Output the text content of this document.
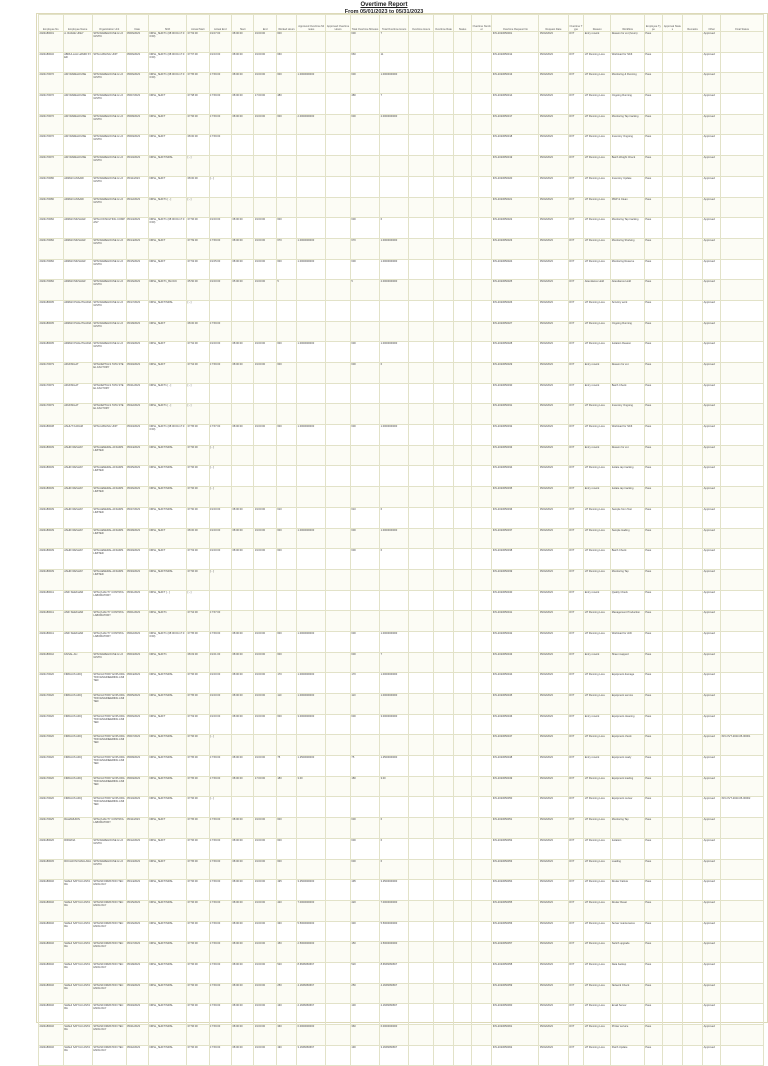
Overtime Report
From 05/01/2023 to 05/31/2023
Employee No	Employee Name	Organization Unit	Date	Shift	Actual Start	Actual End	Start	End	Worked Hours	Approved Overtime Minutes	Approved Overtime Hours	Total Overtime Minutes	Total Overtime Hours	Overtime Hours	Overtime Rate	Status	Overtime Number	Overtime Request No	Request Date	Overtime Type	Reason	Workflow	Employee Type	Approval Status	Remarks	Other	Final Status
2024180001	A. RAFAE UKEY	SPN-WAREHOUSE & LOGISTIC	05/06/2023	NRSL_SHIFT1 (08:00:00-17:00:00)	07:53:00	19:07:00	08:00:00	19:00:00	600			600	7					INV-2023050001	05/22/2023	OVT	Entry rework	Reason for ext (hours)	Pass			Approved	
2024180032	ABDULLAH HAMID SYED	SPN-CABLING UNIT	05/06/2023	NRSL_SHIFT1 (08:00:00-17:00:00)	07:57:00	19:03:00	08:00:00	19:00:00	660			660	11					INV-2023050012	05/22/2023	OVT	HT Running Loss	Workload for Shift	Pass			Approved	
2024170076	AIR WAREHOUSE	SPN-WAREHOUSE & LOGISTIC	05/06/2023	NRSL_SHIFT1 (08:00:00-17:00:00)	07:55:00	17:59:00	08:00:00	19:00:00	600	1.0000000000		600	1.0000000000					INV-2023050013	05/22/2023	OVT	HT Running Loss	Monitoring & Running	Pass			Approved	
2024170076	AIR WAREHOUSE	SPN-WAREHOUSE & LOGISTIC	05/07/2023	NRSL_SHIFT	07:58:00	17:59:00	08:00:00	17:00:00	480			480	7					INV-2023050014	05/22/2023	OVT	HT Running Loss	Ongoing Running	Pass			Approved	
2024170076	AIR WAREHOUSE	SPN-WAREHOUSE & LOGISTIC	05/08/2023	NRSL_SHIFT	07:56:00	17:59:00	08:00:00	19:00:00	600	2.0000000000		600	2.0000000000					INV-2023050017	05/22/2023	OVT	HT Running Loss	Monitoring Tap tracking	Pass			Approved	
2024170076	AIR WAREHOUSE	SPN-WAREHOUSE & LOGISTIC	05/09/2023	NRSL_SHIFT	08:00:00	17:59:00												INV-2023050018	05/22/2023	OVT	HT Running Loss	Inventory Ongoing	Pass			Approved	
2024170076	AIR WAREHOUSE	SPN-WAREHOUSE & LOGISTIC	05/10/2023	NRSL_SHIFT/NRSL	[ - ]													INV-2023050019	05/22/2023	OVT	HT Running Loss	Batch Weight Check	Pass			Approved	
2024170080	ARMAN ANSARI	SPN-WAREHOUSE & LOGISTIC	05/11/2023	NRSL_SHIFT	08:00:00	[ - ]												INV-2023050020	05/22/2023	OVT	HT Running Loss	Inventory Update	Pass			Approved	
2024170080	ARMAN ANSARI	SPN-WAREHOUSE & LOGISTIC	05/12/2023	NRSL_SHIFT1 [ - ]	[ - ]													INV-2023050021	05/22/2023	OVT	HT Running Loss	DWP & Clean	Pass			Approved	
2024170082	ARMAN MUSHAR	SPN-CONSULTING COMPANY	05/13/2023	NRSL_SHIFT1 (08:00:00-17:00:00)	07:56:00	19:00:00	08:00:00	19:00:00	600			600	6					INV-2023050022	05/22/2023	OVT	HT Running Loss	Monitoring Tap tracking	Pass			Approved	
2024170082	ARMAN MUSHAR	SPN-WAREHOUSE & LOGISTIC	05/14/2023	NRSL_SHIFT	07:59:00	17:59:00	08:00:00	19:00:00	670	1.0000000000		670	1.0000000000					INV-2023050023	05/22/2023	OVT	HT Running Loss	Monitoring Shelving	Pass			Approved	
2024170082	ARMAN MUSHAR	SPN-WAREHOUSE & LOGISTIC	05/15/2023	NRSL_SHIFT	07:53:00	19:05:00	08:00:00	19:00:00	600	1.0000000000		600	1.0000000000					INV-2023050024	05/22/2023	OVT	HT Running Loss	Monitoring Reserve	Pass			Approved	
2024170082	ARMAN MUSHAR	SPN-WAREHOUSE & LOGISTIC	05/16/2023	NRSL_SHIFT1_BLOCK	05:50:00	19:00:00	05:00:00	19:00:00	5			5	2.0000000000					INV-2023050025	05/22/2023	OVT	Attendance Hold	Attendance Hold	Pass			Approved	
2024180005	ARMAN PHALITHADIA	SPN-WAREHOUSE & LOGISTIC	05/17/2023	NRSL_SHIFT/NRSL	[ - ]													INV-2023050026	05/22/2023	OVT	HT Running Loss	Scrutiny work	Pass			Approved	
2024180005	ARMAN PHALITHADIA	SPN-WAREHOUSE & LOGISTIC	05/18/2023	NRSL_SHIFT	08:00:00	17:59:00												INV-2023050027	05/22/2023	OVT	HT Running Loss	Ongoing Running	Pass			Approved	
2024180005	ARMAN PHALITHADIA	SPN-WAREHOUSE & LOGISTIC	05/19/2023	NRSL_SHIFT	07:52:00	19:00:00	08:00:00	19:00:00	600	1.0000000000		600	1.0000000000					INV-2023050028	05/22/2023	OVT	HT Running Loss	Isolation Reason	Pass			Approved	
2024170079	ARUNSILAT	SPN-DEPTALS TATA STEEL FACTORY	05/20/2023	NRSL_SHIFT	07:54:00	17:59:00	08:00:00	19:00:00	600			600	6					INV-2023050029	05/22/2023	OVT	Entry rework	Reason for ext	Pass			Approved	
2024170079	ARUNSILAT	SPN-DEPTALS TATA STEEL FACTORY	05/21/2023	NRSL_SHIFT1 [ - ]	[ - ]													INV-2023050030	05/22/2023	OVT	Entry rework	Batch Check	Pass			Approved	
2024170079	ARUNSILAT	SPN-DEPTALS TATA STEEL FACTORY	05/22/2023	NRSL_SHIFT1 [ - ]	[ - ]													INV-2023050031	05/22/2023	OVT	HT Running Loss	Inventory Ongoing	Pass			Approved	
2024180038	ASHUT KADAM	SPN-CABLING UNIT	05/23/2023	NRSL_SHIFT1 (08:00:00-17:00:00)	07:55:00	17:57:00	08:00:00	19:00:00	600	1.0000000000		600	1.0000000000					INV-2023050032	05/22/2023	OVT	HT Running Loss	Workload for Shift	Pass			Approved	
2024180039	ASHIF RESHAT	SPN-GENERAL AFFAIRS LIMITED	05/24/2023	NRSL_SHIFT/NRSL	07:56:00	[ - ]												INV-2023050033	05/22/2023	OVT	Entry rework	Reason for ext	Pass			Approved	
2024180039	ASHIF RESHAT	SPN-GENERAL AFFAIRS LIMITED	05/25/2023	NRSL_SHIFT/NRSL	07:56:00	[ - ]												INV-2023050034	05/22/2023	OVT	HT Running Loss	Isolate tap tracking	Pass			Approved	
2024180039	ASHIF RESHAT	SPN-GENERAL AFFAIRS LIMITED	05/26/2023	NRSL_SHIFT/NRSL	07:56:00	[ - ]												INV-2023050035	05/22/2023	OVT	Entry rework	Isolate tap tracking	Pass			Approved	
2024180039	ASHIF RESHAT	SPN-GENERAL AFFAIRS LIMITED	05/27/2023	NRSL_SHIFT/NRSL	07:50:00	19:00:00	08:00:00	19:00:00	610			610	6					INV-2023050036	05/22/2023	OVT	HT Running Loss	Sample from Test	Pass			Approved	
2024180039	ASHIF RESHAT	SPN-GENERAL AFFAIRS LIMITED	05/28/2023	NRSL_SHIFT	08:00:00	19:00:00	08:00:00	19:00:00	600	1.0000000000		600	1.0000000000					INV-2023050037	05/22/2023	OVT	HT Running Loss	Sample loading	Pass			Approved	
2024180039	ASHIF RESHAT	SPN-GENERAL AFFAIRS LIMITED	05/29/2023	NRSL_SHIFT	07:53:00	19:00:00	08:00:00	19:00:00	600			600	6					INV-2023050038	05/22/2023	OVT	HT Running Loss	Batch Check	Pass			Approved	
2024180039	ASHIF RESHAT	SPN-GENERAL AFFAIRS LIMITED	05/30/2023	NRSL_SHIFT/NRSL	07:56:00	[ - ]												INV-2023050039	05/22/2023	OVT	HT Running Loss	Monitoring Tap	Pass			Approved	
2024180041	ASIF SHEKHAR	SPN-QUALITY CONTROL LABORATORY	05/31/2023	NRSL_SHIFT [ - ]	[ - ]													INV-2023050040	05/22/2023	OVT	Entry rework	Quality Check	Pass			Approved	
2024180041	ASIF SHEKHAR	SPN-QUALITY CONTROL LABORATORY	05/01/2023	NRSL_SHIFT1	07:54:00	17:57:00												INV-2023050041	05/22/2023	OVT	HT Running Loss	Management Production	Pass			Approved	
2024180041	ASIF SHEKHAR	SPN-QUALITY CONTROL LABORATORY	05/02/2023	NRSL_SHIFT1 (08:00:00-17:00:00)	07:55:00	17:59:00	08:00:00	19:00:00	600	1.0000000000		600	1.0000000000					INV-2023050042	05/22/2023	OVT	HT Running Loss	Workload for shift	Pass			Approved	
2024180042	FAISAL ALI	SPN-WAREHOUSE & LOGISTIC	05/03/2023	NRSL_SHIFT1	08:03:00	19:01:00	08:00:00	19:00:00	600			600	7					INV-2023050043	05/22/2023	OVT	Entry rework	Sheet mapped	Pass			Approved	
2024170020	FIRDAUS AFIQ	SPN-FACTORY EXPLORATION ENGINEERING LIMITED	05/04/2023	NRSL_SHIFT/NRSL	07:56:00	19:00:00	08:00:00	19:00:00	170	1.0000000000		170	1.0000000000					INV-2023050044	05/22/2023	OVT	HT Running Loss	Equipment damage	Pass			Approved	
2024170020	FIRDAUS AFIQ	SPN-FACTORY EXPLORATION ENGINEERING LIMITED	05/05/2023	NRSL_SHIFT/NRSL	07:55:00	19:00:00	08:00:00	19:00:00	110	1.0000000000		110	1.0000000000					INV-2023050045	05/22/2023	OVT	HT Running Loss	Equipment service	Pass			Approved	
2024170020	FIRDAUS AFIQ	SPN-FACTORY EXPLORATION ENGINEERING LIMITED	05/06/2023	NRSL_SHIFT	07:53:00	19:00:00	08:00:00	19:00:00	600	3.0000000000		600	3.0000000000					INV-2023050046	05/22/2023	OVT	Entry rework	Equipment cleaning	Pass			Approved	
2024170020	FIRDAUS AFIQ	SPN-FACTORY EXPLORATION ENGINEERING LIMITED	05/07/2023	NRSL_SHIFT/NRSL	07:56:00	[ - ]												INV-2023050047	05/22/2023	OVT	HT Running Loss	Equipment check	Pass			Approved	INV-OVT-2023-05-00001
2024170020	FIRDAUS AFIQ	SPN-FACTORY EXPLORATION ENGINEERING LIMITED	05/08/2023	NRSL_SHIFT/NRSL	07:55:00	17:59:00	08:00:00	19:00:00	75	1.2500000000		75	1.2500000000					INV-2023050048	05/22/2023	OVT	Entry rework	Equipment ready	Pass			Approved	
2024170020	FIRDAUS AFIQ	SPN-FACTORY EXPLORATION ENGINEERING LIMITED	05/09/2023	NRSL_SHIFT/NRSL	07:55:00	17:59:00	08:00:00	17:00:00	180	3.00		180	3.00					INV-2023050049	05/22/2023	OVT	HT Running Loss	Equipment loading	Pass			Approved	
2024170020	FIRDAUS AFIQ	SPN-FACTORY EXPLORATION ENGINEERING LIMITED	05/10/2023	NRSL_SHIFT/NRSL	07:56:00	[ - ]												INV-2023050050	05/22/2023	OVT	HT Running Loss	Equipment review	Pass			Approved	INV-OVT-2023-05-00002
2024170025	RAHAMUDIN	SPN-QUALITY CONTROL LABORATORY	05/11/2023	NRSL_SHIFT	07:55:00	17:59:00	08:00:00	19:00:00	600			600	6					INV-2023050051	05/22/2023	OVT	HT Running Loss	Monitoring Tap	Pass			Approved	
2024180026	RIPAZNA	SPN-WAREHOUSE & LOGISTIC	05/12/2023	NRSL_SHIFT	07:56:00	17:59:00	08:00:00	19:00:00	600			600	6					INV-2023050052	05/22/2023	OVT	HT Running Loss	Isolation	Pass			Approved	
2024180045	ROCHAYNI MAULANA	SPN-WAREHOUSE & LOGISTIC	05/13/2023	NRSL_SHIFT	07:55:00	17:59:00	08:00:00	19:00:00	600			600	6					INV-2023050053	05/22/2023	OVT	HT Running Loss	Loading	Pass			Approved	
2024180046	SHAHI SATYAU ANTARA	SPN-INFORMATION TECHNOLOGY	05/14/2023	NRSL_SHIFT/NRSL	07:56:00	17:59:00	08:00:00	19:00:00	195	3.2500000000		195	3.2500000000					INV-2023050054	05/22/2023	OVT	HT Running Loss	Router Failure	Pass			Approved	
2024180046	SHAHI SATYAU ANTARA	SPN-INFORMATION TECHNOLOGY	05/15/2023	NRSL_SHIFT/NRSL	07:56:00	17:59:00	08:00:00	19:00:00	420	7.0000000000		420	7.0000000000					INV-2023050055	05/22/2023	OVT	HT Running Loss	Router Reset	Pass			Approved	
2024180046	SHAHI SATYAU ANTARA	SPN-INFORMATION TECHNOLOGY	05/16/2023	NRSL_SHIFT/NRSL	07:56:00	17:59:00	08:00:00	19:00:00	330	5.5000000000		330	5.5000000000					INV-2023050056	05/22/2023	OVT	HT Running Loss	Server maintenance	Pass			Approved	
2024180046	SHAHI SATYAU ANTARA	SPN-INFORMATION TECHNOLOGY	05/17/2023	NRSL_SHIFT/NRSL	07:56:00	17:59:00	08:00:00	19:00:00	150	2.5000000000		150	2.5000000000					INV-2023050057	05/22/2023	OVT	HT Running Loss	Switch upgrade	Pass			Approved	
2024180046	SHAHI SATYAU ANTARA	SPN-INFORMATION TECHNOLOGY	05/18/2023	NRSL_SHIFT/NRSL	07:56:00	17:59:00	08:00:00	19:00:00	520	8.6666666667		520	8.6666666667					INV-2023050058	05/22/2023	OVT	HT Running Loss	Data backup	Pass			Approved	
2024180046	SHAHI SATYAU ANTARA	SPN-INFORMATION TECHNOLOGY	05/19/2023	NRSL_SHIFT/NRSL	07:56:00	17:59:00	08:00:00	19:00:00	250	4.1666666667		250	4.1666666667					INV-2023050059	05/22/2023	OVT	HT Running Loss	Network Check	Pass			Approved	
2024180046	SHAHI SATYAU ANTARA	SPN-INFORMATION TECHNOLOGY	05/20/2023	NRSL_SHIFT/NRSL	07:56:00	17:59:00	08:00:00	19:00:00	130	2.1666666667		130	2.1666666667					INV-2023050060	05/22/2023	OVT	HT Running Loss	Email Server	Pass			Approved	
2024180046	SHAHI SATYAU ANTARA	SPN-INFORMATION TECHNOLOGY	05/21/2023	NRSL_SHIFT/NRSL	07:56:00	17:59:00	08:00:00	19:00:00	360	6.0000000000		360	6.0000000000					INV-2023050061	05/22/2023	OVT	HT Running Loss	Printer service	Pass			Approved	
2024180046	SHAHI SATYAU ANTARA	SPN-INFORMATION TECHNOLOGY	05/22/2023	NRSL_SHIFT/NRSL	07:56:00	17:59:00	08:00:00	19:00:00	190	3.1666666667		190	3.1666666667					INV-2023050062	05/22/2023	OVT	HT Running Loss	Patch Update	Pass			Approved	
